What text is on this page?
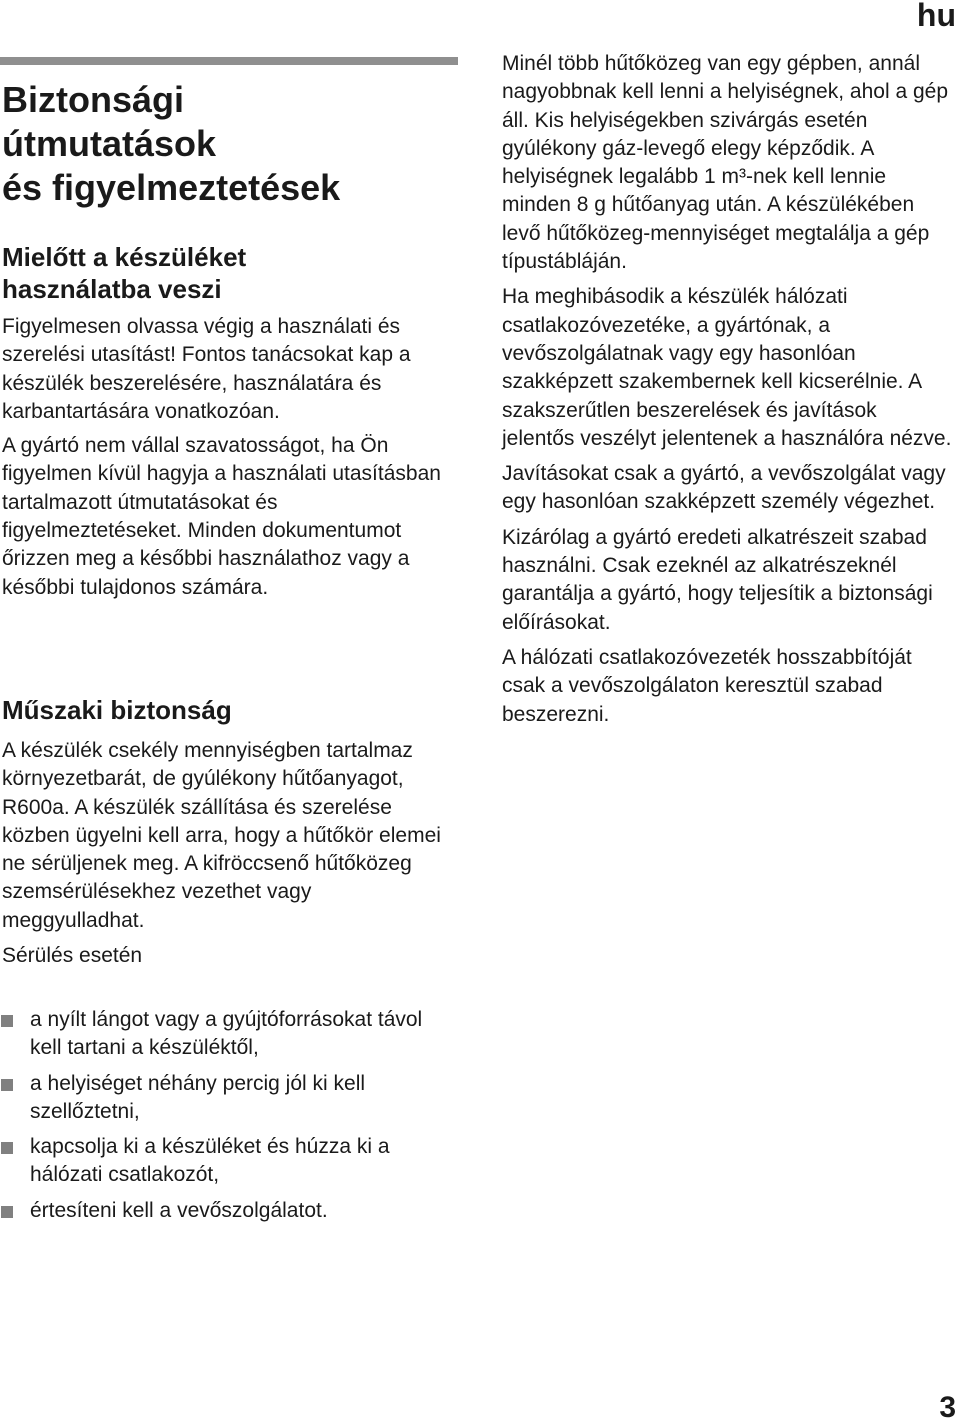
hu
Biztonsági
útmutatások
és figyelmeztetések
Mielőtt a készüléket
használatba veszi

Figyelmesen olvassa végig a használati és szerelési utasítást! Fontos tanácsokat kap a készülék beszerelésére, használatára és karbantartására vonatkozóan.

A gyártó nem vállal szavatosságot, ha Ön figyelmen kívül hagyja a használati utasításban tartalmazott útmutatásokat és figyelmeztetéseket. Minden dokumentumot őrizzen meg a későbbi használathoz vagy a későbbi tulajdonos számára.

Műszaki biztonság

A készülék csekély mennyiségben tartalmaz környezetbarát, de gyúlékony hűtőanyagot, R600a. A készülék szállítása és szerelése közben ügyelni kell arra, hogy a hűtőkör elemei ne sérüljenek meg. A kifröccsenő hűtőközeg szemsérülésekhez vezethet vagy meggyulladhat.

Sérülés esetén

a nyílt lángot vagy a gyújtóforrásokat távol kell tartani a készüléktől,
a helyiséget néhány percig jól ki kell szellőztetni,
kapcsolja ki a készüléket és húzza ki a hálózati csatlakozót,
értesíteni kell a vevőszolgálatot.

Minél több hűtőközeg van egy gépben, annál nagyobbnak kell lenni a helyiségnek, ahol a gép áll. Kis helyiségekben szivárgás esetén gyúlékony gáz-levegő elegy képződik. A helyiségnek legalább 1 m³-nek kell lennie minden 8 g hűtőanyag után. A készülékében levő hűtőközeg-mennyiséget megtalálja a gép típustábláján.

Ha meghibásodik a készülék hálózati csatlakozóvezetéke, a gyártónak, a vevőszolgálatnak vagy egy hasonlóan szakképzett szakembernek kell kicserélnie. A szakszerűtlen beszerelések és javítások jelentős veszélyt jelentenek a használóra nézve.

Javításokat csak a gyártó, a vevőszolgálat vagy egy hasonlóan szakképzett személy végezhet.

Kizárólag a gyártó eredeti alkatrészeit szabad használni. Csak ezeknél az alkatrészeknél garantálja a gyártó, hogy teljesítik a biztonsági előírásokat.

A hálózati csatlakozóvezeték hosszabbítóját csak a vevőszolgálaton keresztül szabad beszerezni.

3
